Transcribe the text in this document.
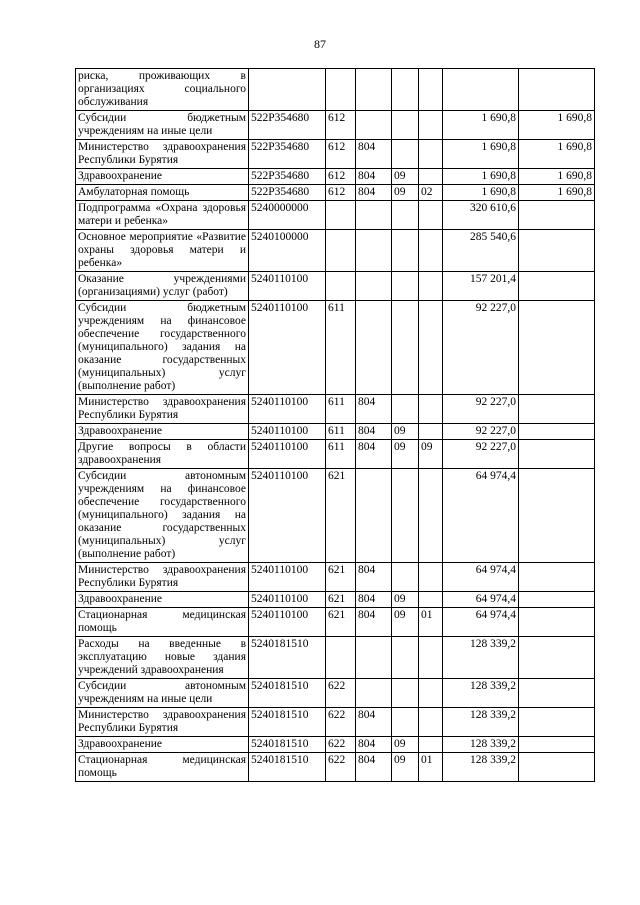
87
риска, проживающих в организациях социального обслуживания							
Субсидии бюджетным учреждениям на иные цели	522P354680	612				1 690,8	1 690,8
Министерство здравоохранения Республики Бурятия	522P354680	612	804			1 690,8	1 690,8
Здравоохранение	522P354680	612	804	09		1 690,8	1 690,8
Амбулаторная помощь	522P354680	612	804	09	02	1 690,8	1 690,8
Подпрограмма «Охрана здоровья матери и ребенка»	5240000000					320 610,6	
Основное мероприятие «Развитие охраны здоровья матери и ребенка»	5240100000					285 540,6	
Оказание учреждениями (организациями) услуг (работ)	5240110100					157 201,4	
Субсидии бюджетным учреждениям на финансовое обеспечение государственного (муниципального) задания на оказание государственных (муниципальных) услуг (выполнение работ)	5240110100	611				92 227,0	
Министерство здравоохранения Республики Бурятия	5240110100	611	804			92 227,0	
Здравоохранение	5240110100	611	804	09		92 227,0	
Другие вопросы в области здравоохранения	5240110100	611	804	09	09	92 227,0	
Субсидии автономным учреждениям на финансовое обеспечение государственного (муниципального) задания на оказание государственных (муниципальных) услуг (выполнение работ)	5240110100	621				64 974,4	
Министерство здравоохранения Республики Бурятия	5240110100	621	804			64 974,4	
Здравоохранение	5240110100	621	804	09		64 974,4	
Стационарная медицинская помощь	5240110100	621	804	09	01	64 974,4	
Расходы на введенные в эксплуатацию новые здания учреждений здравоохранения	5240181510					128 339,2	
Субсидии автономным учреждениям на иные цели	5240181510	622				128 339,2	
Министерство здравоохранения Республики Бурятия	5240181510	622	804			128 339,2	
Здравоохранение	5240181510	622	804	09		128 339,2	
Стационарная медицинская помощь	5240181510	622	804	09	01	128 339,2	
